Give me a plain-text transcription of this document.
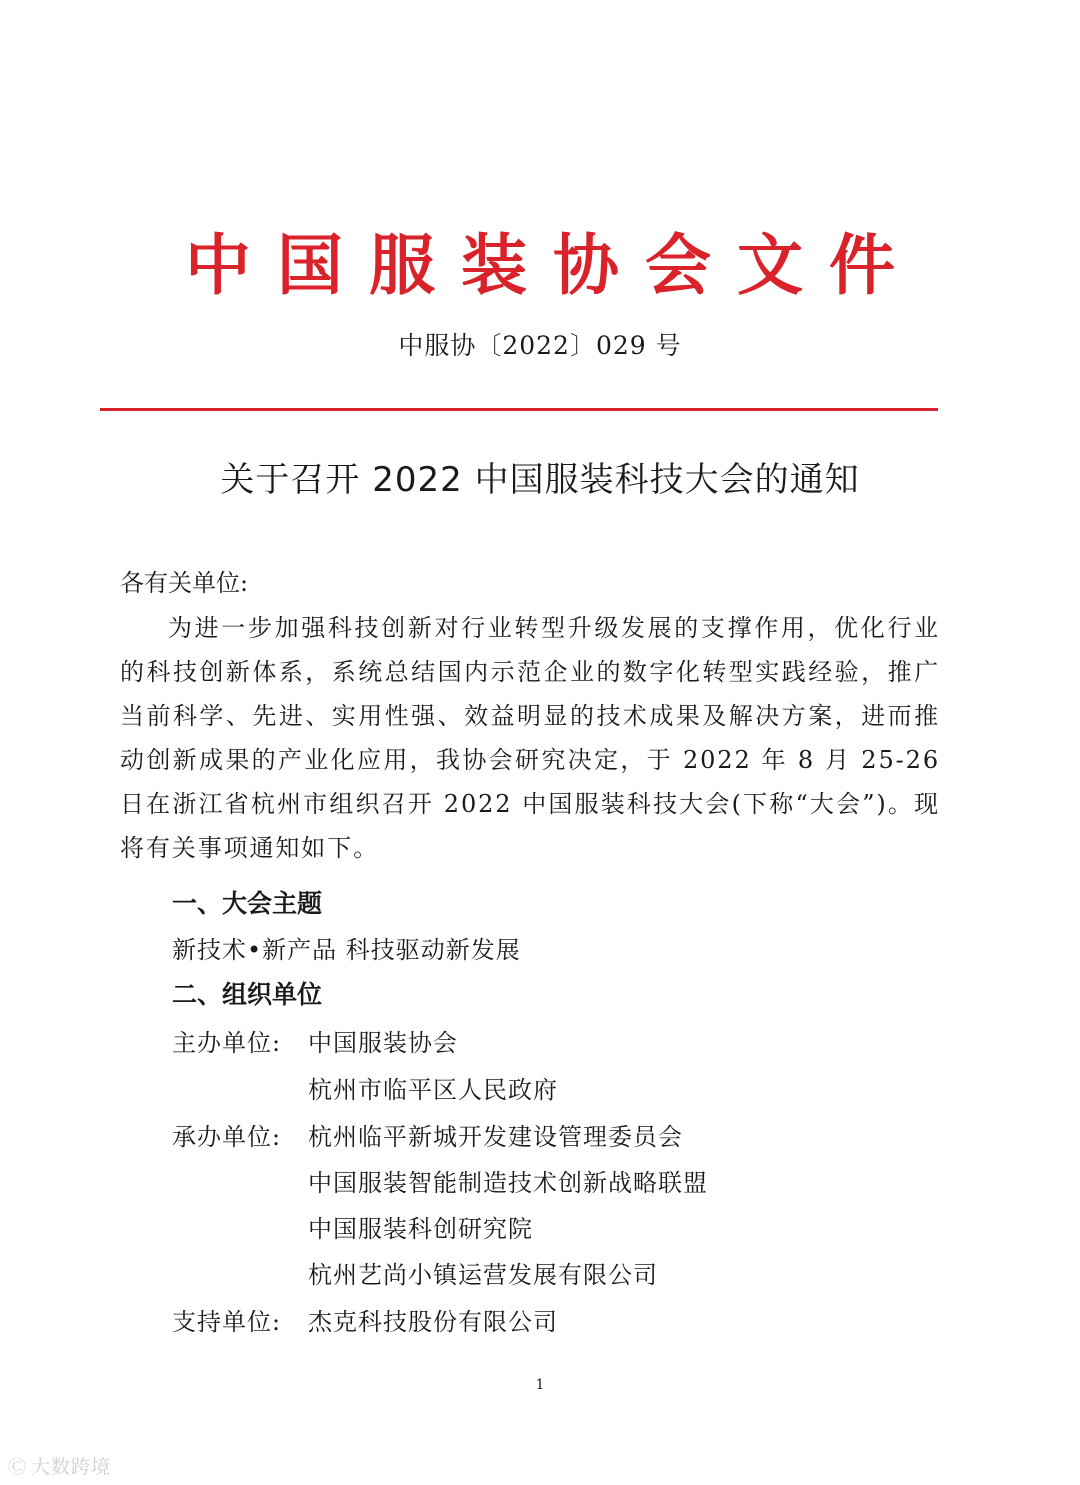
中国服装协会文件
中服协〔2022〕029 号
关于召开 2022 中国服装科技大会的通知
各有关单位:
为进一步加强科技创新对行业转型升级发展的支撑作用，优化行业的科技创新体系，系统总结国内示范企业的数字化转型实践经验，推广当前科学、先进、实用性强、效益明显的技术成果及解决方案，进而推动创新成果的产业化应用，我协会研究决定，于 2022 年 8 月 25-26 日在浙江省杭州市组织召开 2022 中国服装科技大会(下称“大会”)。现将有关事项通知如下。
一、大会主题
新技术•新产品 科技驱动新发展
二、组织单位
主办单位: 中国服装协会
杭州市临平区人民政府
承办单位: 杭州临平新城开发建设管理委员会
中国服装智能制造技术创新战略联盟
中国服装科创研究院
杭州艺尚小镇运营发展有限公司
支持单位: 杰克科技股份有限公司
1
Ⓒ 大数跨境
